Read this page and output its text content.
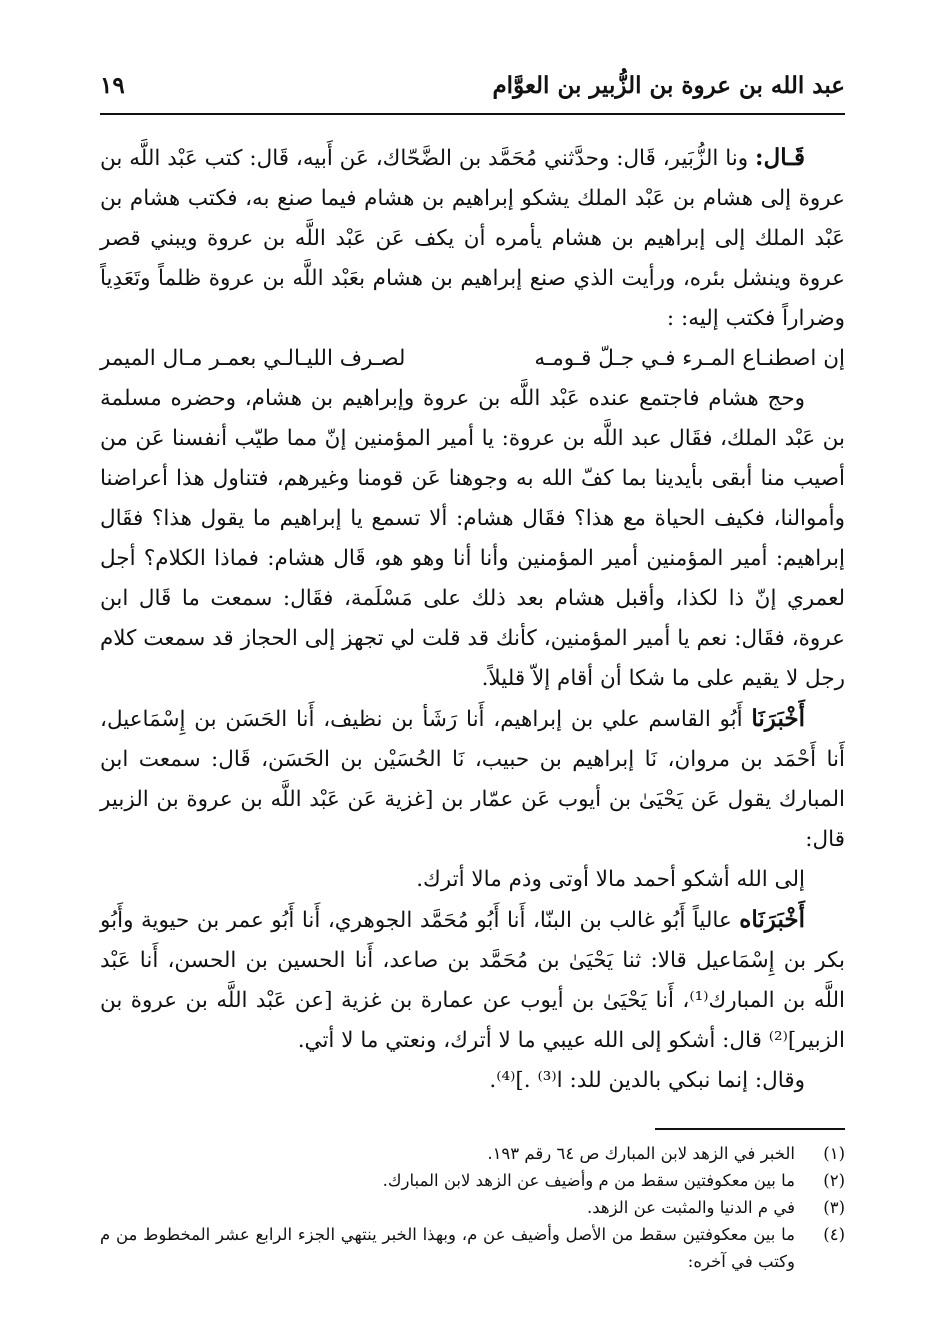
عبد الله بن عروة بن الزُّبير بن العوَّام
١٩

قَـال: ونا الزُّبَير، قَال: وحدَّثني مُحَمَّد بن الضَّحّاك، عَن أَبيه، قَال: كتب عَبْد اللَّه بن عروة إلى هشام بن عَبْد الملك يشكو إبراهيم بن هشام فيما صنع به، فكتب هشام بن عَبْد الملك إلى إبراهيم بن هشام يأمره أن يكف عَن عَبْد اللَّه بن عروة ويبني قصر عروة وينشل بئره، ورأيت الذي صنع إبراهيم بن هشام بعَبْد اللَّه بن عروة ظلماً وتَعَدِياً وضراراً فكتب إليه: :

إن اصطنـاع المـرء فـي جـلّ قـومـه
لصـرف الليـالـي بعمـر مـال الميمر

وحج هشام فاجتمع عنده عَبْد اللَّه بن عروة وإبراهيم بن هشام، وحضره مسلمة بن عَبْد الملك، فقَال عبد اللَّه بن عروة: يا أمير المؤمنين إنّ مما طيّب أنفسنا عَن من أصيب منا أبقى بأيدينا بما كفّ الله به وجوهنا عَن قومنا وغيرهم، فتناول هذا أعراضنا وأموالنا، فكيف الحياة مع هذا؟ فقَال هشام: ألا تسمع يا إبراهيم ما يقول هذا؟ فقَال إبراهيم: أمير المؤمنين أمير المؤمنين وأنا أنا وهو هو، قَال هشام: فماذا الكلام؟ أجل لعمري إنّ ذا لكذا، وأقبل هشام بعد ذلك على مَسْلَمة، فقَال: سمعت ما قَال ابن عروة، فقَال: نعم يا أمير المؤمنين، كأنك قد قلت لي تجهز إلى الحجاز قد سمعت كلام رجل لا يقيم على ما شكا أن أقام إلاّ قليلاً.

أَخْبَرَنَا أَبُو القاسم علي بن إبراهيم، أَنا رَشَأ بن نظيف، أَنا الحَسَن بن إِسْمَاعيل، أَنا أَحْمَد بن مروان، نَا إبراهيم بن حبيب، نَا الحُسَيْن بن الحَسَن، قَال: سمعت ابن المبارك يقول عَن يَحْيَىٰ بن أيوب عَن عمّار بن [غزية عَن عَبْد اللَّه بن عروة بن الزبير قال:

إلى الله أشكو أحمد مالا أوتى وذم مالا أترك.

أَخْبَرَنَاه عالياً أَبُو غالب بن البنّا، أَنا أَبُو مُحَمَّد الجوهري، أَنا أَبُو عمر بن حيوية وأَبُو بكر بن إِسْمَاعيل قالا: ثنا يَحْيَىٰ بن مُحَمَّد بن صاعد، أَنا الحسين بن الحسن، أَنا عَبْد اللَّه بن المبارك⁽¹⁾، أَنا يَحْيَىٰ بن أيوب عن عمارة بن غزية [عن عَبْد اللَّه بن عروة بن الزبير]⁽²⁾ قال: أشكو إلى الله عيبي ما لا أترك، ونعتي ما لا أتي.

وقال: إنما نبكي بالدين للد: ا⁽³⁾ .]⁽⁴⁾.

(١)
الخبر في الزهد لابن المبارك ص ٦٤ رقم ١٩٣.
(٢)
ما بين معكوفتين سقط من م وأضيف عن الزهد لابن المبارك.
(٣)
في م الدنيا والمثبت عن الزهد.
(٤)
ما بين معكوفتين سقط من الأصل وأضيف عن م، وبهذا الخبر ينتهي الجزء الرابع عشر المخطوط من م وكتب في آخره:
